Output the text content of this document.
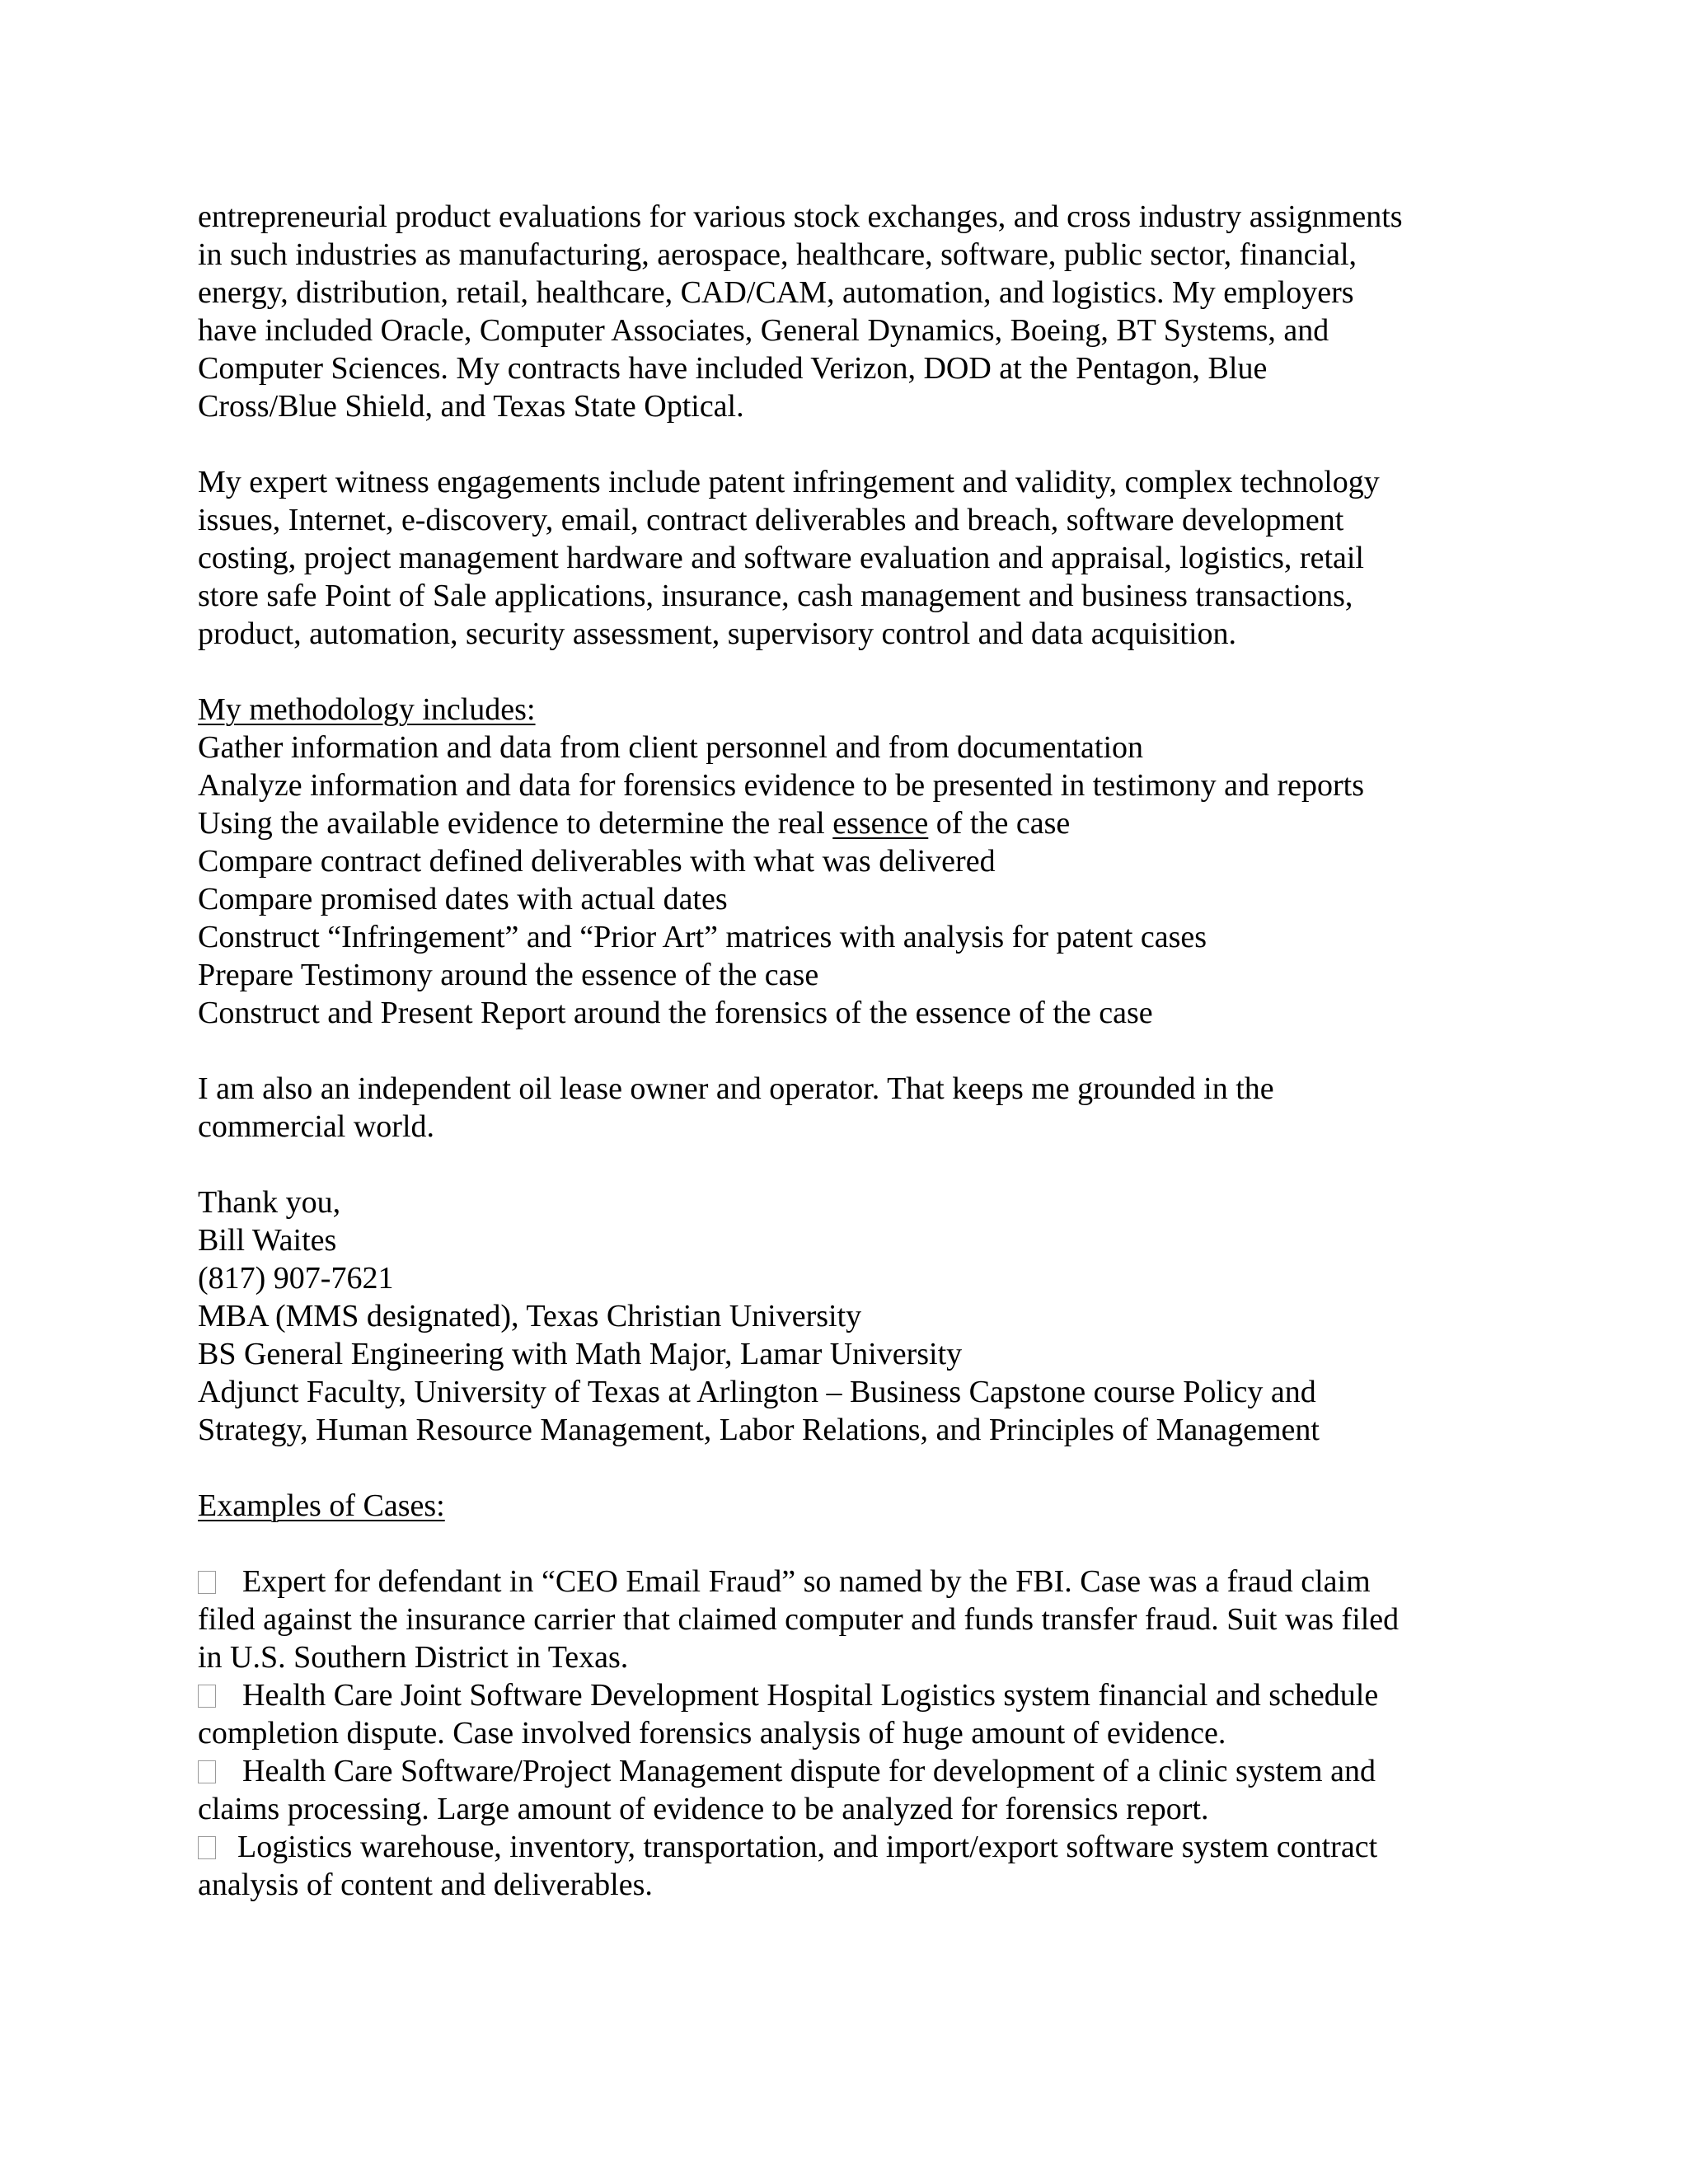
entrepreneurial product evaluations for various stock exchanges, and cross industry assignments
in such industries as manufacturing, aerospace, healthcare, software, public sector, financial,
energy, distribution, retail, healthcare, CAD/CAM, automation, and logistics. My employers
have included Oracle, Computer Associates, General Dynamics, Boeing, BT Systems, and
Computer Sciences. My contracts have included Verizon, DOD at the Pentagon, Blue
Cross/Blue Shield, and Texas State Optical.

My expert witness engagements include patent infringement and validity, complex technology
issues, Internet, e-discovery, email, contract deliverables and breach, software development
costing, project management hardware and software evaluation and appraisal, logistics, retail
store safe Point of Sale applications, insurance, cash management and business transactions,
product, automation, security assessment, supervisory control and data acquisition.

My methodology includes:
Gather information and data from client personnel and from documentation
Analyze information and data for forensics evidence to be presented in testimony and reports
Using the available evidence to determine the real essence of the case
Compare contract defined deliverables with what was delivered
Compare promised dates with actual dates
Construct “Infringement” and “Prior Art” matrices with analysis for patent cases
Prepare Testimony around the essence of the case
Construct and Present Report around the forensics of the essence of the case

I am also an independent oil lease owner and operator. That keeps me grounded in the
commercial world.

Thank you,
Bill Waites
(817) 907-7621
MBA (MMS designated), Texas Christian University
BS General Engineering with Math Major, Lamar University
Adjunct Faculty, University of Texas at Arlington – Business Capstone course Policy and
Strategy, Human Resource Management, Labor Relations, and Principles of Management
Examples of Cases:
Expert for defendant in “CEO Email Fraud” so named by the FBI. Case was a fraud claim
filed against the insurance carrier that claimed computer and funds transfer fraud. Suit was filed
in U.S. Southern District in Texas.
Health Care Joint Software Development Hospital Logistics system financial and schedule
completion dispute. Case involved forensics analysis of huge amount of evidence.
Health Care Software/Project Management dispute for development of a clinic system and
claims processing. Large amount of evidence to be analyzed for forensics report.
Logistics warehouse, inventory, transportation, and import/export software system contract
analysis of content and deliverables.
